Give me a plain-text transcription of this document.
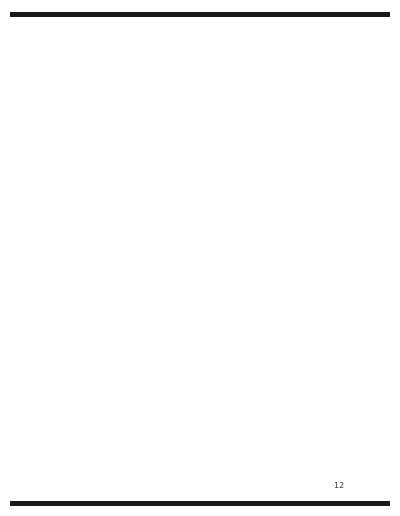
12
